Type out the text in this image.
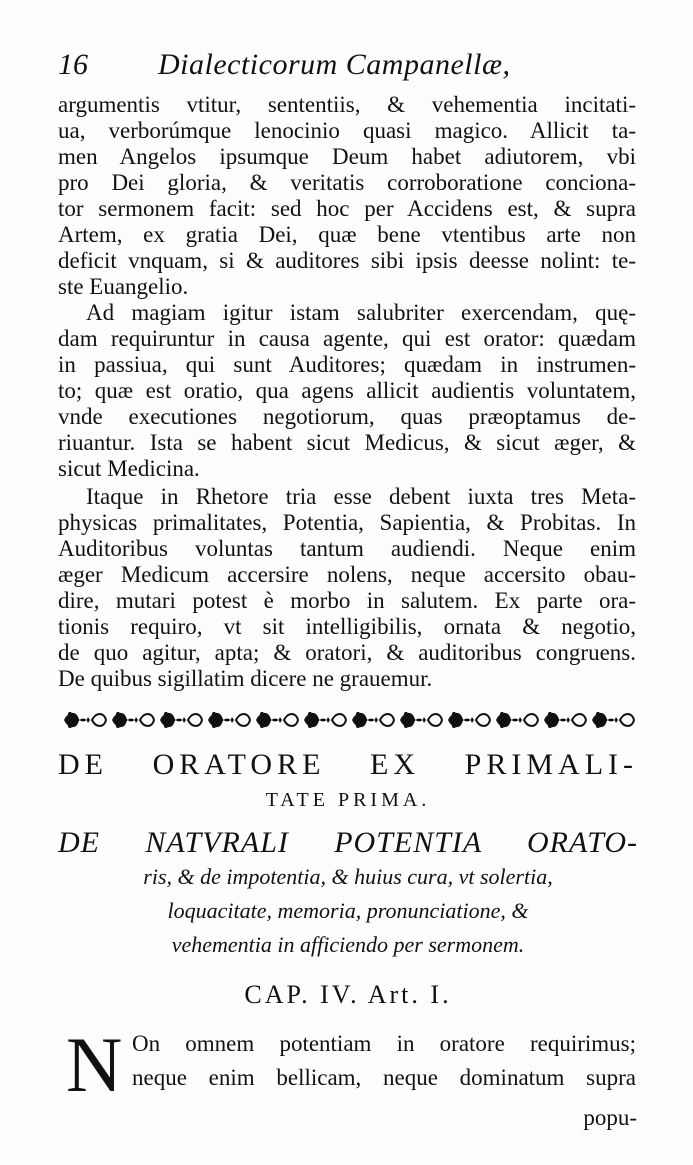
16 Dialecticorum Campanellæ,
argumentis vtitur, sententiis, & vehementia incitati-
ua, verborúmque lenocinio quasi magico. Allicit ta-
men Angelos ipsumque Deum habet adiutorem, vbi
pro Dei gloria, & veritatis corroboratione conciona-
tor sermonem facit: sed hoc per Accidens est, & supra
Artem, ex gratia Dei, quæ bene vtentibus arte non
deficit vnquam, si & auditores sibi ipsis deesse nolint: te-
ste Euangelio.
Ad magiam igitur istam salubriter exercendam, quę-
dam requiruntur in causa agente, qui est orator: quædam
in passiua, qui sunt Auditores; quædam in instrumen-
to; quæ est oratio, qua agens allicit audientis voluntatem,
vnde executiones negotiorum, quas præoptamus de-
riuantur. Ista se habent sicut Medicus, & sicut æger, &
sicut Medicina.
Itaque in Rhetore tria esse debent iuxta tres Meta-
physicas primalitates, Potentia, Sapientia, & Probitas. In
Auditoribus voluntas tantum audiendi. Neque enim
æger Medicum accersire nolens, neque accersito obau-
dire, mutari potest è morbo in salutem. Ex parte ora-
tionis requiro, vt sit intelligibilis, ornata & negotio,
de quo agitur, apta; & oratori, & auditoribus congruens.
De quibus sigillatim dicere ne grauemur.
DE ORATORE EX PRIMALI-
TATE PRIMA.
DE NATVRALI POTENTIA ORATO-
ris, & de impotentia, & huius cura, vt solertia,
loquacitate, memoria, pronunciatione, &
vehementia in afficiendo per sermonem.
CAP. IV. Art. I.
N On omnem potentiam in oratore requirimus;
neque enim bellicam, neque dominatum supra
popu-
